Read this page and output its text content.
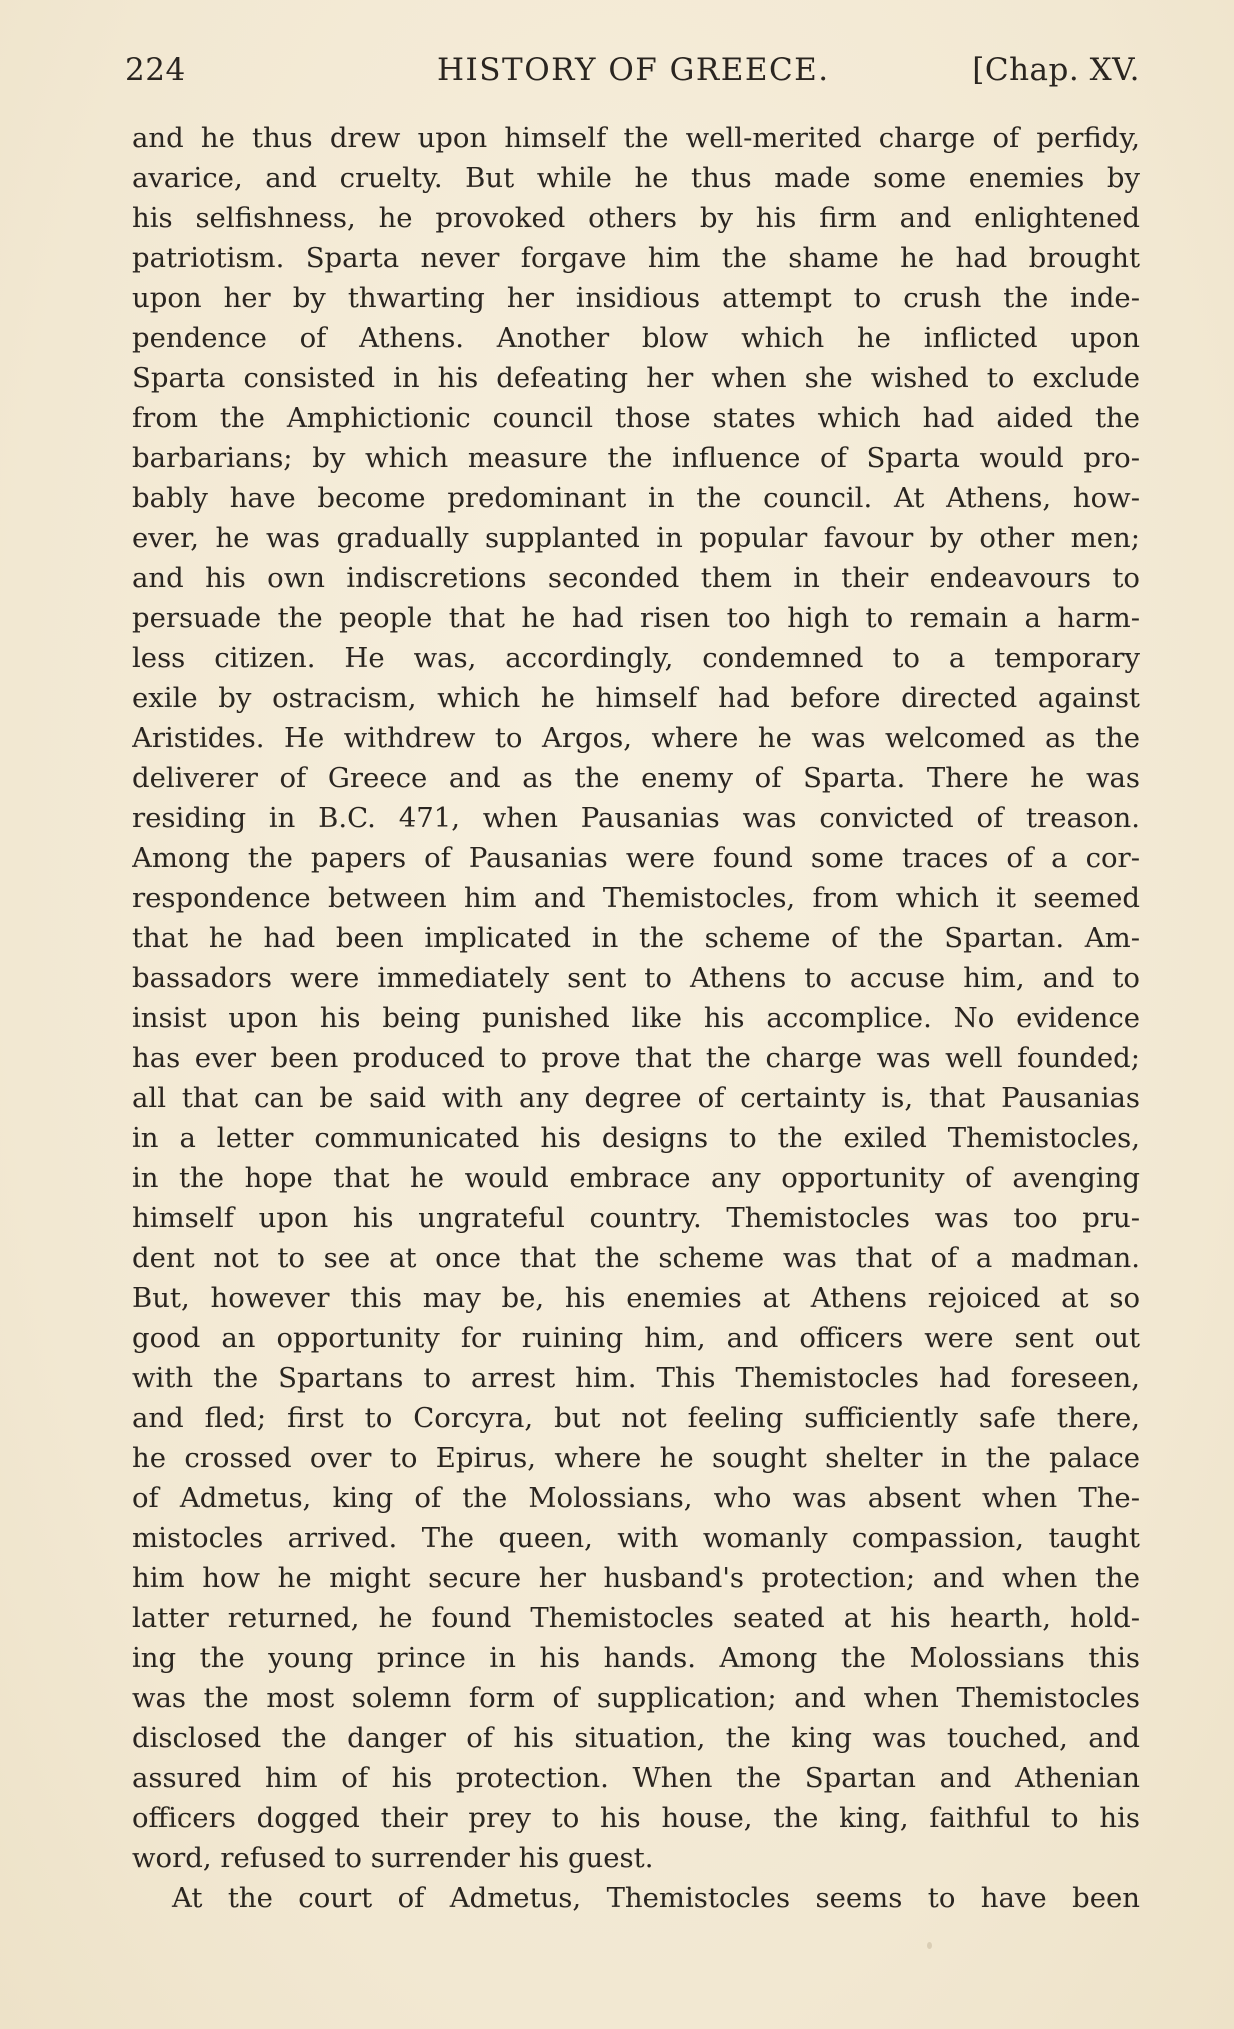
224	HISTORY OF GREECE.	[Chap. XV.
and he thus drew upon himself the well-merited charge of perfidy,
avarice, and cruelty. But while he thus made some enemies by
his selfishness, he provoked others by his firm and enlightened
patriotism. Sparta never forgave him the shame he had brought
upon her by thwarting her insidious attempt to crush the inde-
pendence of Athens. Another blow which he inflicted upon
Sparta consisted in his defeating her when she wished to exclude
from the Amphictionic council those states which had aided the
barbarians; by which measure the influence of Sparta would pro-
bably have become predominant in the council. At Athens, how-
ever, he was gradually supplanted in popular favour by other men;
and his own indiscretions seconded them in their endeavours to
persuade the people that he had risen too high to remain a harm-
less citizen. He was, accordingly, condemned to a temporary
exile by ostracism, which he himself had before directed against
Aristides. He withdrew to Argos, where he was welcomed as the
deliverer of Greece and as the enemy of Sparta. There he was
residing in B.C. 471, when Pausanias was convicted of treason.
Among the papers of Pausanias were found some traces of a cor-
respondence between him and Themistocles, from which it seemed
that he had been implicated in the scheme of the Spartan. Am-
bassadors were immediately sent to Athens to accuse him, and to
insist upon his being punished like his accomplice. No evidence
has ever been produced to prove that the charge was well founded;
all that can be said with any degree of certainty is, that Pausanias
in a letter communicated his designs to the exiled Themistocles,
in the hope that he would embrace any opportunity of avenging
himself upon his ungrateful country. Themistocles was too pru-
dent not to see at once that the scheme was that of a madman.
But, however this may be, his enemies at Athens rejoiced at so
good an opportunity for ruining him, and officers were sent out
with the Spartans to arrest him. This Themistocles had foreseen,
and fled; first to Corcyra, but not feeling sufficiently safe there,
he crossed over to Epirus, where he sought shelter in the palace
of Admetus, king of the Molossians, who was absent when The-
mistocles arrived. The queen, with womanly compassion, taught
him how he might secure her husband's protection; and when the
latter returned, he found Themistocles seated at his hearth, hold-
ing the young prince in his hands. Among the Molossians this
was the most solemn form of supplication; and when Themistocles
disclosed the danger of his situation, the king was touched, and
assured him of his protection. When the Spartan and Athenian
officers dogged their prey to his house, the king, faithful to his
word, refused to surrender his guest.
At the court of Admetus, Themistocles seems to have been
